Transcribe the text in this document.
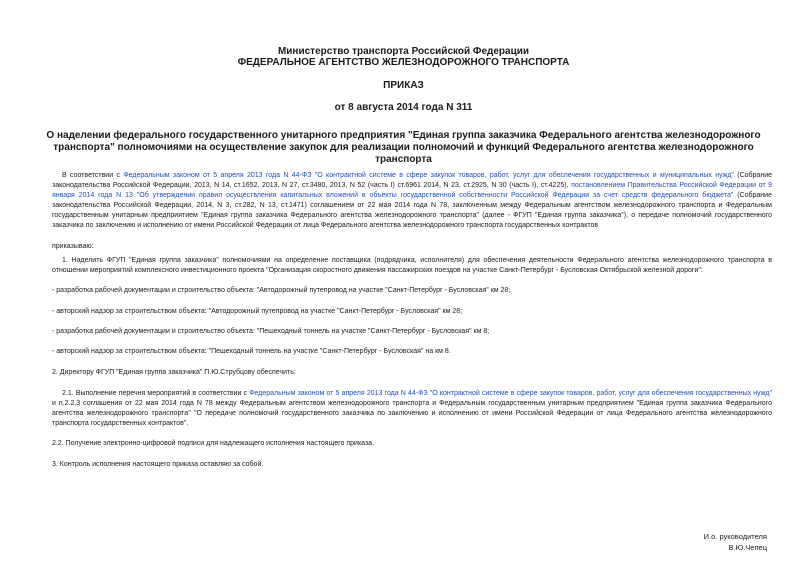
Министерство транспорта Российской Федерации
ФЕДЕРАЛЬНОЕ АГЕНТСТВО ЖЕЛЕЗНОДОРОЖНОГО ТРАНСПОРТА
ПРИКАЗ
от 8 августа 2014 года N 311
О наделении федерального государственного унитарного предприятия "Единая группа заказчика Федерального агентства железнодорожного транспорта" полномочиями на осуществление закупок для реализации полномочий и функций Федерального агентства железнодорожного транспорта
В соответствии с Федеральным законом от 5 апреля 2013 года N 44-ФЗ "О контрактной системе в сфере закупок товаров, работ, услуг для обеспечения государственных и муниципальных нужд" (Собрание законодательства Российской Федерации, 2013, N 14, ст.1652, 2013, N 27, ст.3480, 2013, N 52 (часть I) ст.6961 2014, N 23, ст.2925, N 30 (часть I), ст.4225), постановлением Правительства Российской Федерации от 9 января 2014 года N 13 "Об утверждении правил осуществления капитальных вложений в объекты государственной собственности Российской Федерации за счет средств федерального бюджета" (Собрание законодательства Российской Федерации, 2014, N 3, ст.282, N 13, ст.1471) соглашением от 22 мая 2014 года N 78, заключенным между Федеральным агентством железнодорожного транспорта и Федеральным государственным унитарным предприятием "Единая группа заказчика Федерального агентства железнодорожного транспорта" (далее - ФГУП "Единая группа заказчика"), о передаче полномочий государственного заказчика по заключению и исполнению от имени Российской Федерации от лица Федерального агентства железнодорожного транспорта государственных контрактов
приказываю:
1. Наделить ФГУП "Единая группа заказчика" полномочиями на определение поставщика (подрядчика, исполнителя) для обеспечения деятельности Федерального агентства железнодорожного транспорта в отношении мероприятий комплексного инвестиционного проекта "Организация скоростного движения пассажирских поездов на участке Санкт-Петербург - Бусловская Октябрьской железной дороги":
- разработка рабочей документации и строительство объекта: "Автодорожный путепровод на участке "Санкт-Петербург - Бусловская" км 28;
- авторский надзор за строительством объекта: "Автодорожный путепровод на участке "Санкт-Петербург - Бусловская" км 28;
- разработка рабочей документации и строительство объекта: "Пешеходный тоннель на участке "Санкт-Петербург - Бусловская" км 8;
- авторский надзор за строительством объекта: "Пешеходный тоннель на участке "Санкт-Петербург - Бусловская" на км 8.
2. Директору ФГУП "Единая группа заказчика" П.Ю.Струбцову обеспечить:
2.1. Выполнение перечня мероприятий в соответствии с Федеральным законом от 5 апреля 2013 года N 44-ФЗ "О контрактной системе в сфере закупок товаров, работ, услуг для обеспечения государственных нужд" и п.2.2.3 соглашения от 22 мая 2014 года N 78 между Федеральным агентством железнодорожного транспорта и Федеральным государственным унитарным предприятием "Единая группа заказчика Федерального агентства железнодорожного транспорта" "О передаче полномочий государственного заказчика по заключению и исполнению от имени Российской Федерации от лица Федерального агентства железнодорожного транспорта государственных контрактов".
2.2. Получение электронно-цифровой подписи для надлежащего исполнения настоящего приказа.
3. Контроль исполнения настоящего приказа оставляю за собой.
И.о. руководителя
В.Ю.Чепец
